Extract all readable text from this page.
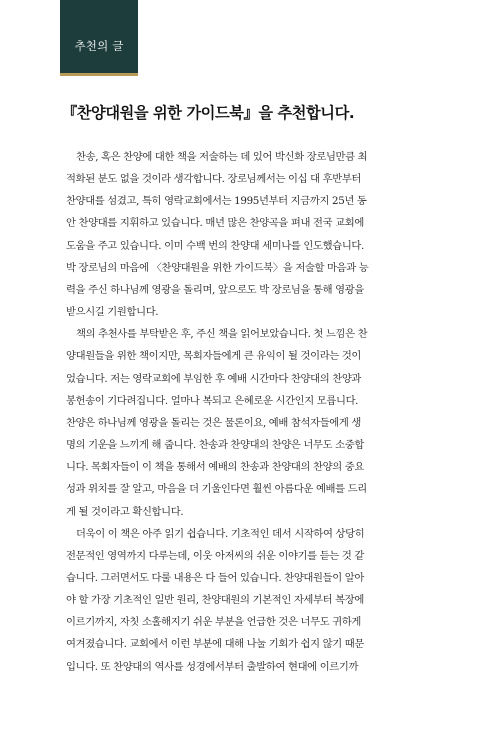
추천의 글
『찬양대원을 위한 가이드북』을 추천합니다.
찬송, 혹은 찬양에 대한 책을 저술하는 데 있어 박신화 장로님만큼 최
적화된 분도 없을 것이라 생각합니다. 장로님께서는 이십 대 후반부터
찬양대를 섬겼고, 특히 영락교회에서는 1995년부터 지금까지 25년 동
안 찬양대를 지휘하고 있습니다. 매년 많은 찬양곡을 펴내 전국 교회에
도움을 주고 있습니다. 이미 수백 번의 찬양대 세미나를 인도했습니다.
박 장로님의 마음에 〈찬양대원을 위한 가이드북〉을 저술할 마음과 능
력을 주신 하나님께 영광을 돌리며, 앞으로도 박 장로님을 통해 영광을
받으시길 기원합니다.
책의 추천사를 부탁받은 후, 주신 책을 읽어보았습니다. 첫 느낌은 찬
양대원들을 위한 책이지만, 목회자들에게 큰 유익이 될 것이라는 것이
었습니다. 저는 영락교회에 부임한 후 예배 시간마다 찬양대의 찬양과
봉헌송이 기다려집니다. 얼마나 복되고 은혜로운 시간인지 모릅니다.
찬양은 하나님께 영광을 돌리는 것은 물론이요, 예배 참석자들에게 생
명의 기운을 느끼게 해 줍니다. 찬송과 찬양대의 찬양은 너무도 소중합
니다. 목회자들이 이 책을 통해서 예배의 찬송과 찬양대의 찬양의 중요
성과 위치를 잘 알고, 마음을 더 기울인다면 훨씬 아름다운 예배를 드리
게 될 것이라고 확신합니다.
더욱이 이 책은 아주 읽기 쉽습니다. 기초적인 데서 시작하여 상당히
전문적인 영역까지 다루는데, 이웃 아저씨의 쉬운 이야기를 듣는 것 같
습니다. 그러면서도 다룰 내용은 다 들어 있습니다. 찬양대원들이 알아
야 할 가장 기초적인 일반 원리, 찬양대원의 기본적인 자세부터 복장에
이르기까지, 자칫 소홀해지기 쉬운 부분을 언급한 것은 너무도 귀하게
여겨졌습니다. 교회에서 이런 부분에 대해 나눌 기회가 쉽지 않기 때문
입니다. 또 찬양대의 역사를 성경에서부터 출발하여 현대에 이르기까
